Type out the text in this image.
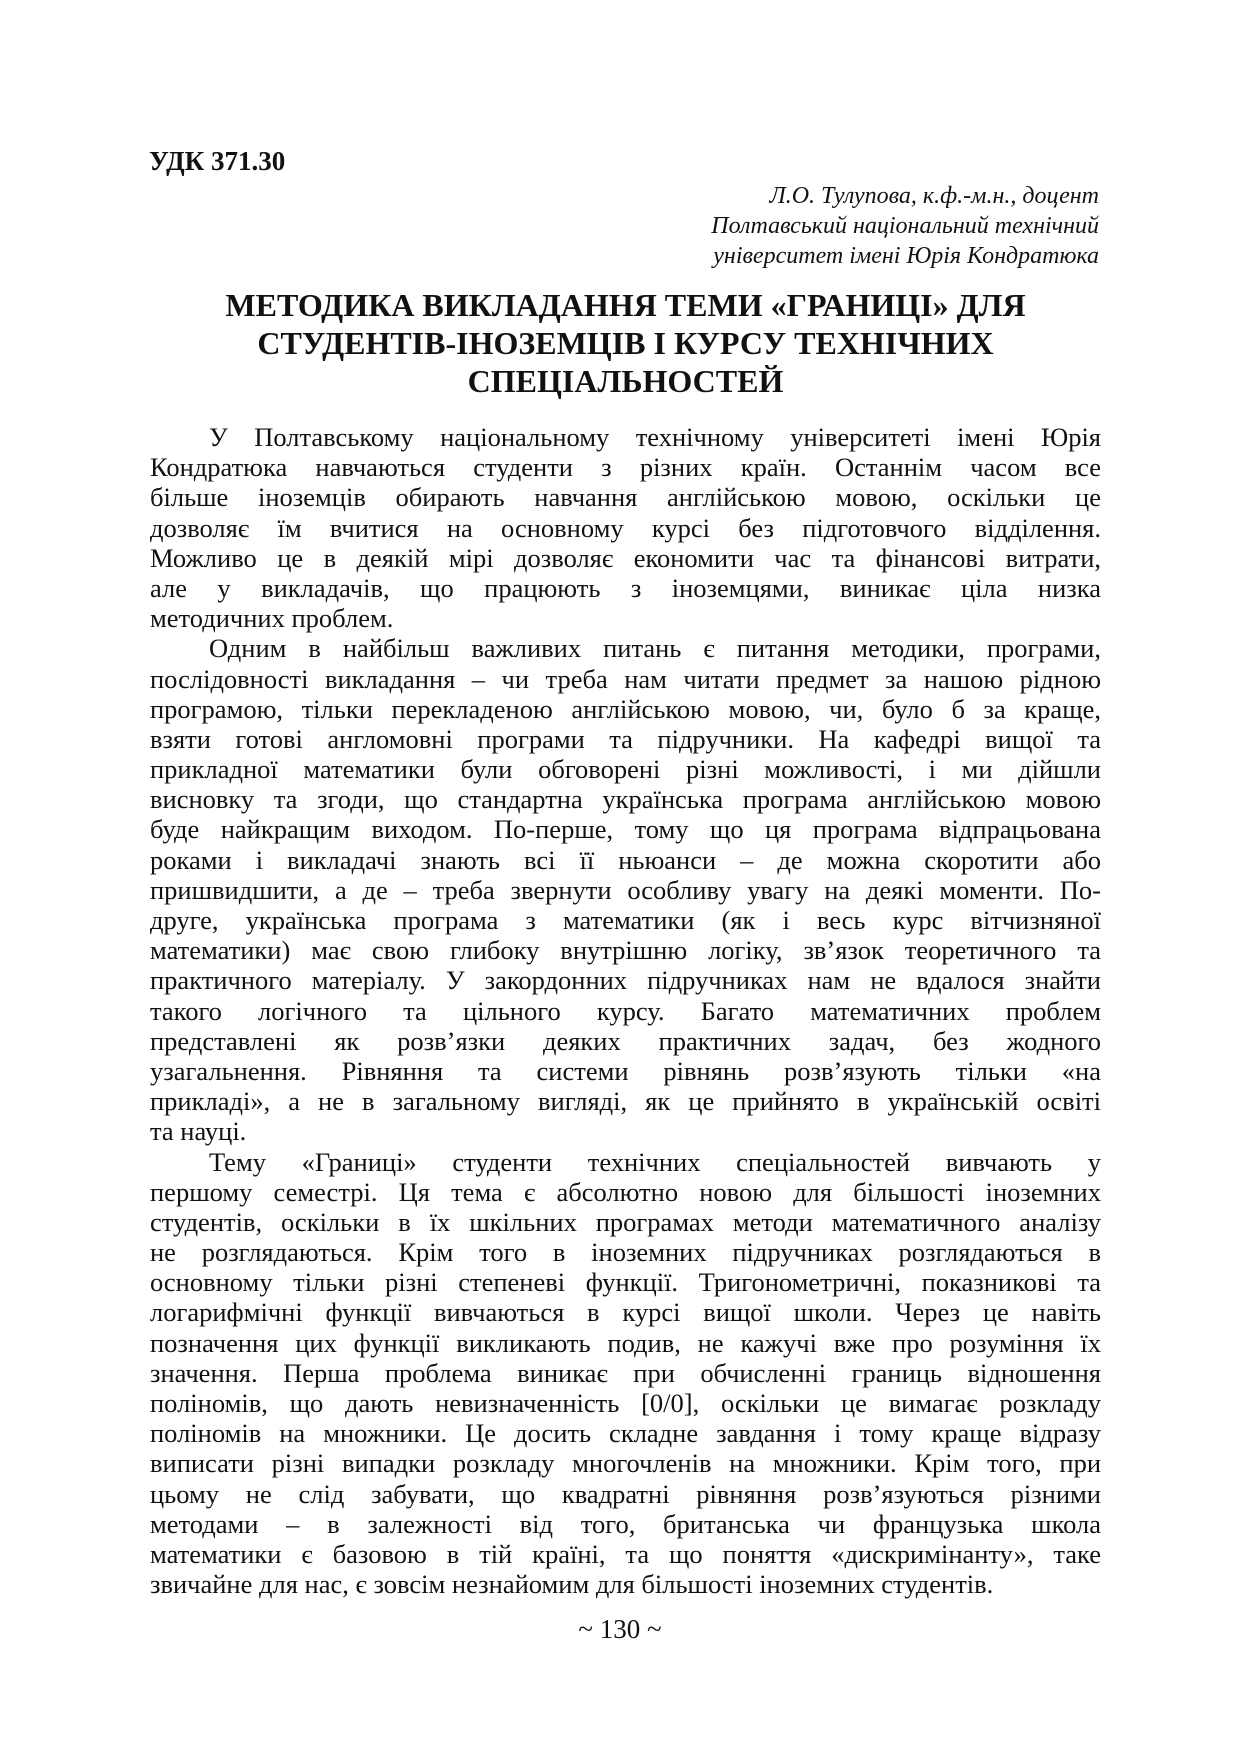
УДК 371.30
Л.О. Тулупова, к.ф.-м.н., доцент
Полтавський національний технічний
університет імені Юрія Кондратюка
МЕТОДИКА ВИКЛАДАННЯ ТЕМИ «ГРАНИЦІ» ДЛЯ
СТУДЕНТІВ-ІНОЗЕМЦІВ І КУРСУ ТЕХНІЧНИХ
СПЕЦІАЛЬНОСТЕЙ
У Полтавському національному технічному університеті імені Юрія
Кондратюка навчаються студенти з різних країн. Останнім часом все
більше іноземців обирають навчання англійською мовою, оскільки це
дозволяє їм вчитися на основному курсі без підготовчого відділення.
Можливо це в деякій мірі дозволяє економити час та фінансові витрати,
але у викладачів, що працюють з іноземцями, виникає ціла низка
методичних проблем.
Одним в найбільш важливих питань є питання методики, програми,
послідовності викладання – чи треба нам читати предмет за нашою рідною
програмою, тільки перекладеною англійською мовою, чи, було б за краще,
взяти готові англомовні програми та підручники. На кафедрі вищої та
прикладної математики були обговорені різні можливості, і ми дійшли
висновку та згоди, що стандартна українська програма англійською мовою
буде найкращим виходом. По-перше, тому що ця програма відпрацьована
роками і викладачі знають всі її ньюанси – де можна скоротити або
пришвидшити, а де – треба звернути особливу увагу на деякі моменти. По-
друге, українська програма з математики (як і весь курс вітчизняної
математики) має свою глибоку внутрішню логіку, зв’язок теоретичного та
практичного матеріалу. У закордонних підручниках нам не вдалося знайти
такого логічного та цільного курсу. Багато математичних проблем
представлені як розв’язки деяких практичних задач, без жодного
узагальнення. Рівняння та системи рівнянь розв’язують тільки «на
прикладі», а не в загальному вигляді, як це прийнято в українській освіті
та науці.
Тему «Границі» студенти технічних спеціальностей вивчають у
першому семестрі. Ця тема є абсолютно новою для більшості іноземних
студентів, оскільки в їх шкільних програмах методи математичного аналізу
не розглядаються. Крім того в іноземних підручниках розглядаються в
основному тільки різні степеневі функції. Тригонометричні, показникові та
логарифмічні функції вивчаються в курсі вищої школи. Через це навіть
позначення цих функції викликають подив, не кажучі вже про розуміння їх
значення. Перша проблема виникає при обчисленні границь відношення
поліномів, що дають невизначенність [0/0], оскільки це вимагає розкладу
поліномів на множники. Це досить складне завдання і тому краще відразу
виписати різні випадки розкладу многочленів на множники. Крім того, при
цьому не слід забувати, що квадратні рівняння розв’язуються різними
методами – в залежності від того, британська чи французька школа
математики є базовою в тій країні, та що поняття «дискримінанту», таке
звичайне для нас, є зовсім незнайомим для більшості іноземних студентів.
~ 130 ~
